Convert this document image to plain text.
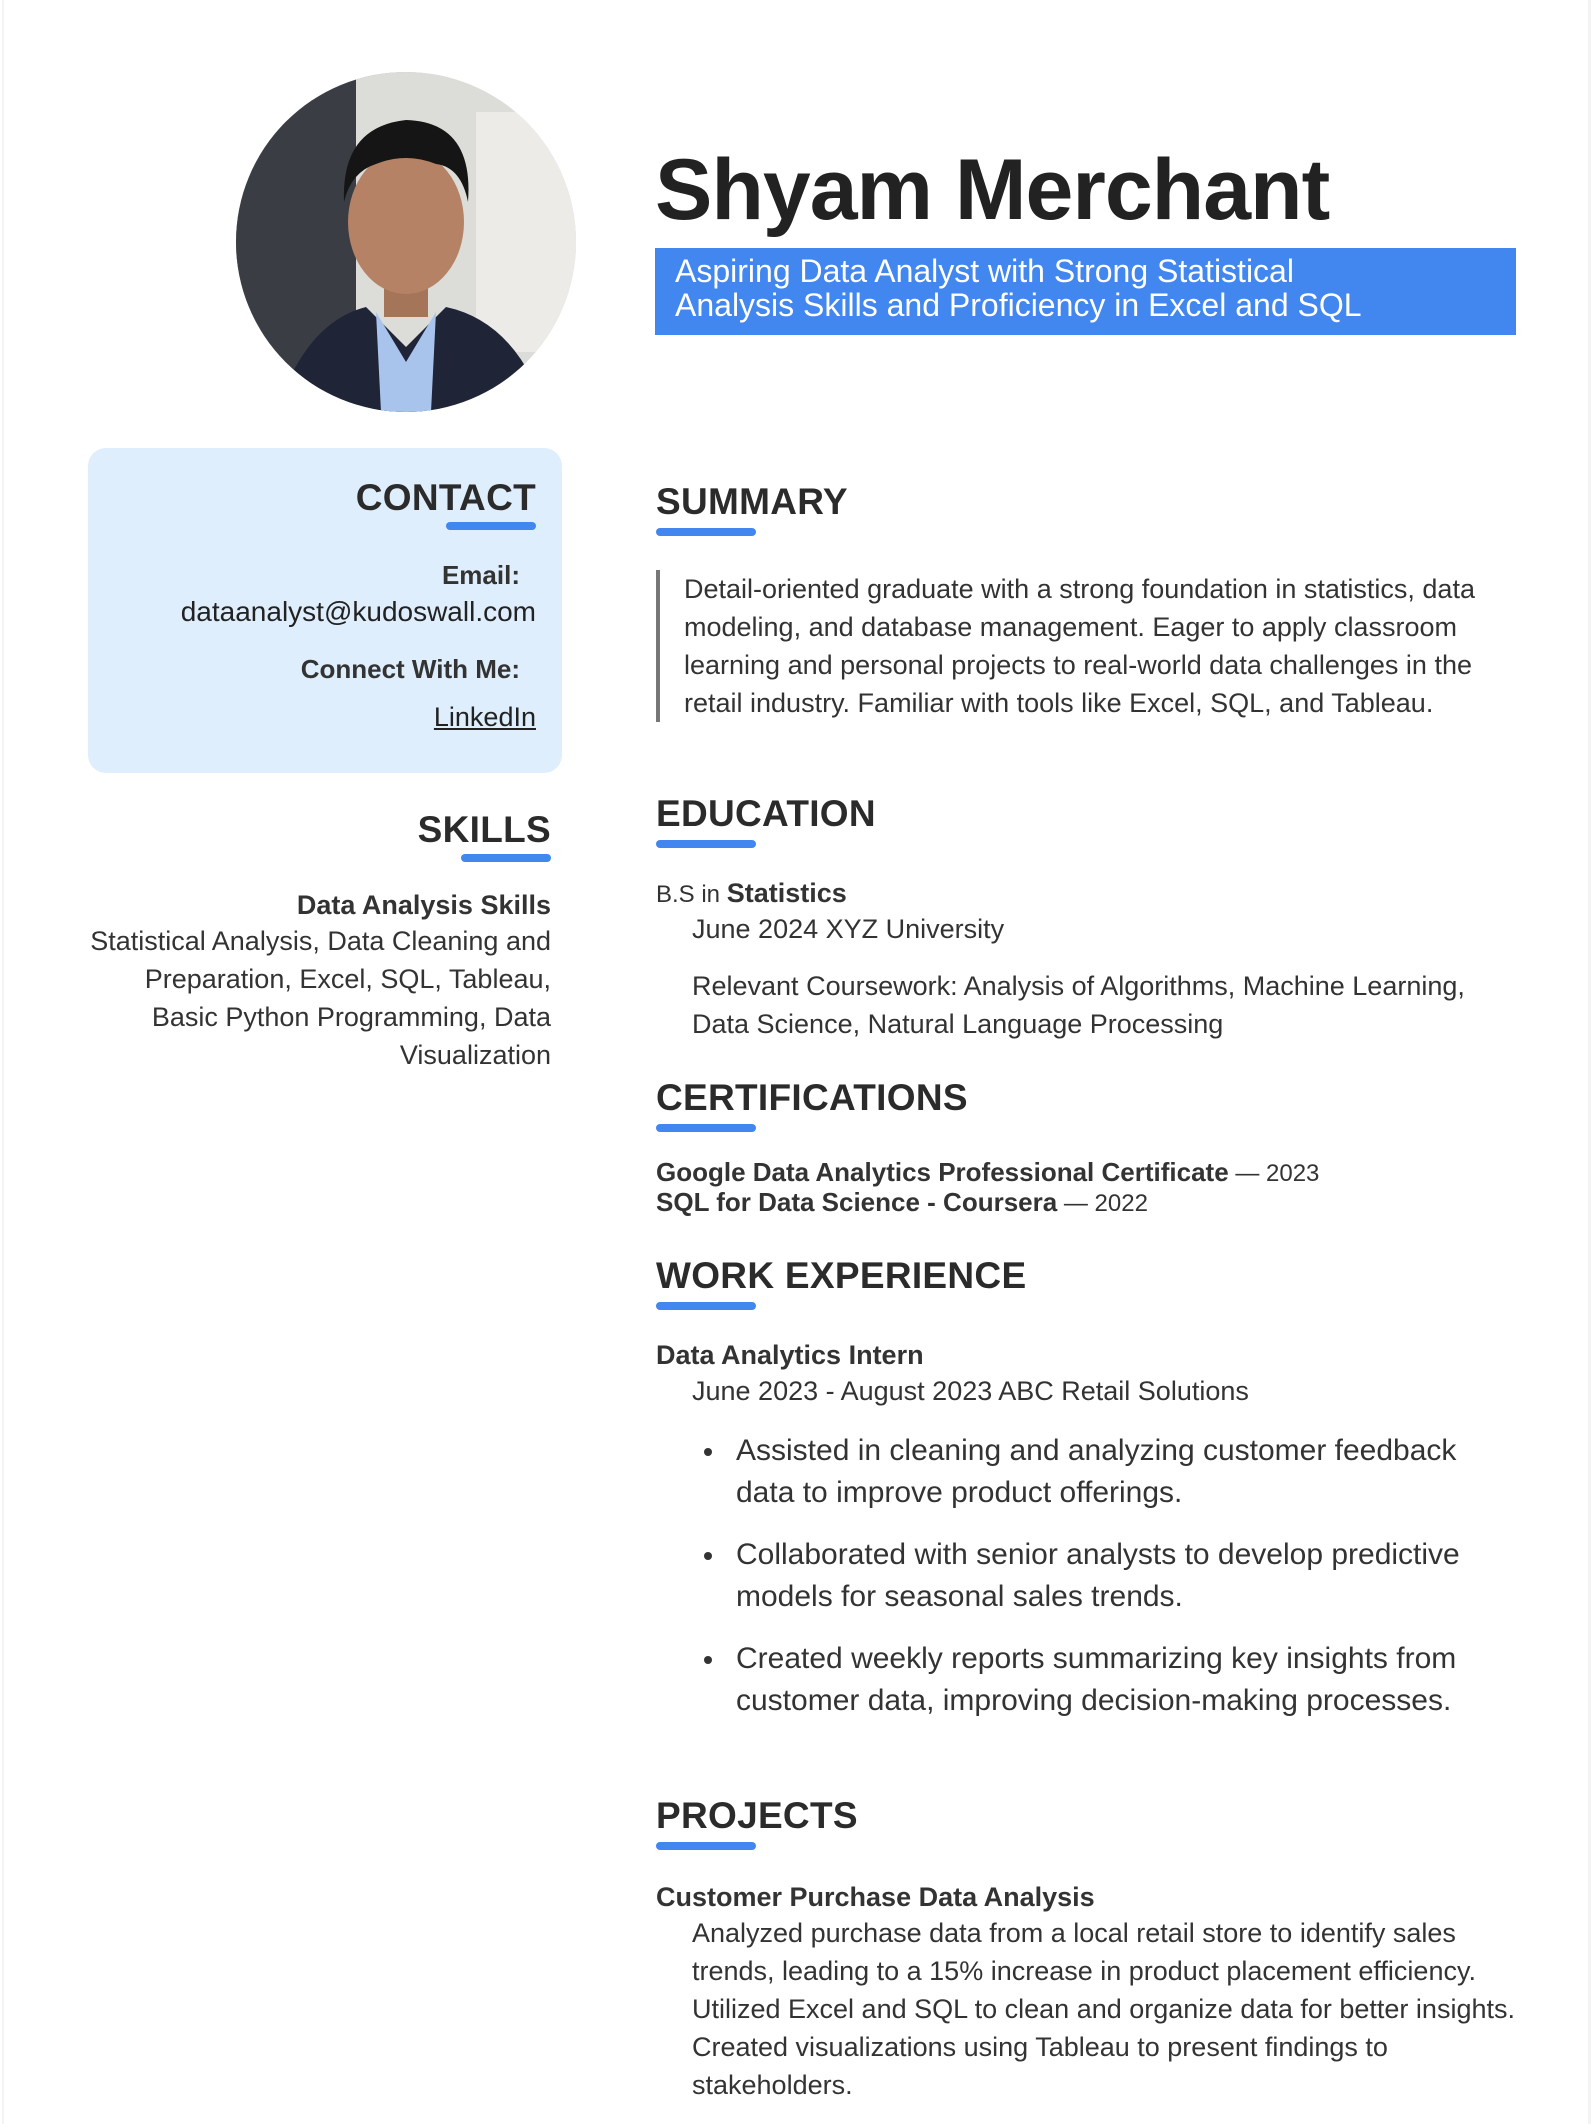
Shyam Merchant
Aspiring Data Analyst with Strong Statistical
Analysis Skills and Proficiency in Excel and SQL
CONTACT
Email:
dataanalyst@kudoswall.com
Connect With Me:
LinkedIn
SKILLS
Data Analysis Skills
Statistical Analysis, Data Cleaning and Preparation, Excel, SQL, Tableau, Basic Python Programming, Data Visualization
SUMMARY
Detail-oriented graduate with a strong foundation in statistics, data modeling, and database management. Eager to apply classroom learning and personal projects to real-world data challenges in the retail industry. Familiar with tools like Excel, SQL, and Tableau.
EDUCATION
B.S in Statistics
June 2024 XYZ University
Relevant Coursework: Analysis of Algorithms, Machine Learning, Data Science, Natural Language Processing
CERTIFICATIONS
Google Data Analytics Professional Certificate — 2023
SQL for Data Science - Coursera — 2022
WORK EXPERIENCE
Data Analytics Intern
June 2023 - August 2023 ABC Retail Solutions
Assisted in cleaning and analyzing customer feedback data to improve product offerings.
Collaborated with senior analysts to develop predictive models for seasonal sales trends.
Created weekly reports summarizing key insights from customer data, improving decision-making processes.
PROJECTS
Customer Purchase Data Analysis
Analyzed purchase data from a local retail store to identify sales trends, leading to a 15% increase in product placement efficiency. Utilized Excel and SQL to clean and organize data for better insights. Created visualizations using Tableau to present findings to stakeholders.
